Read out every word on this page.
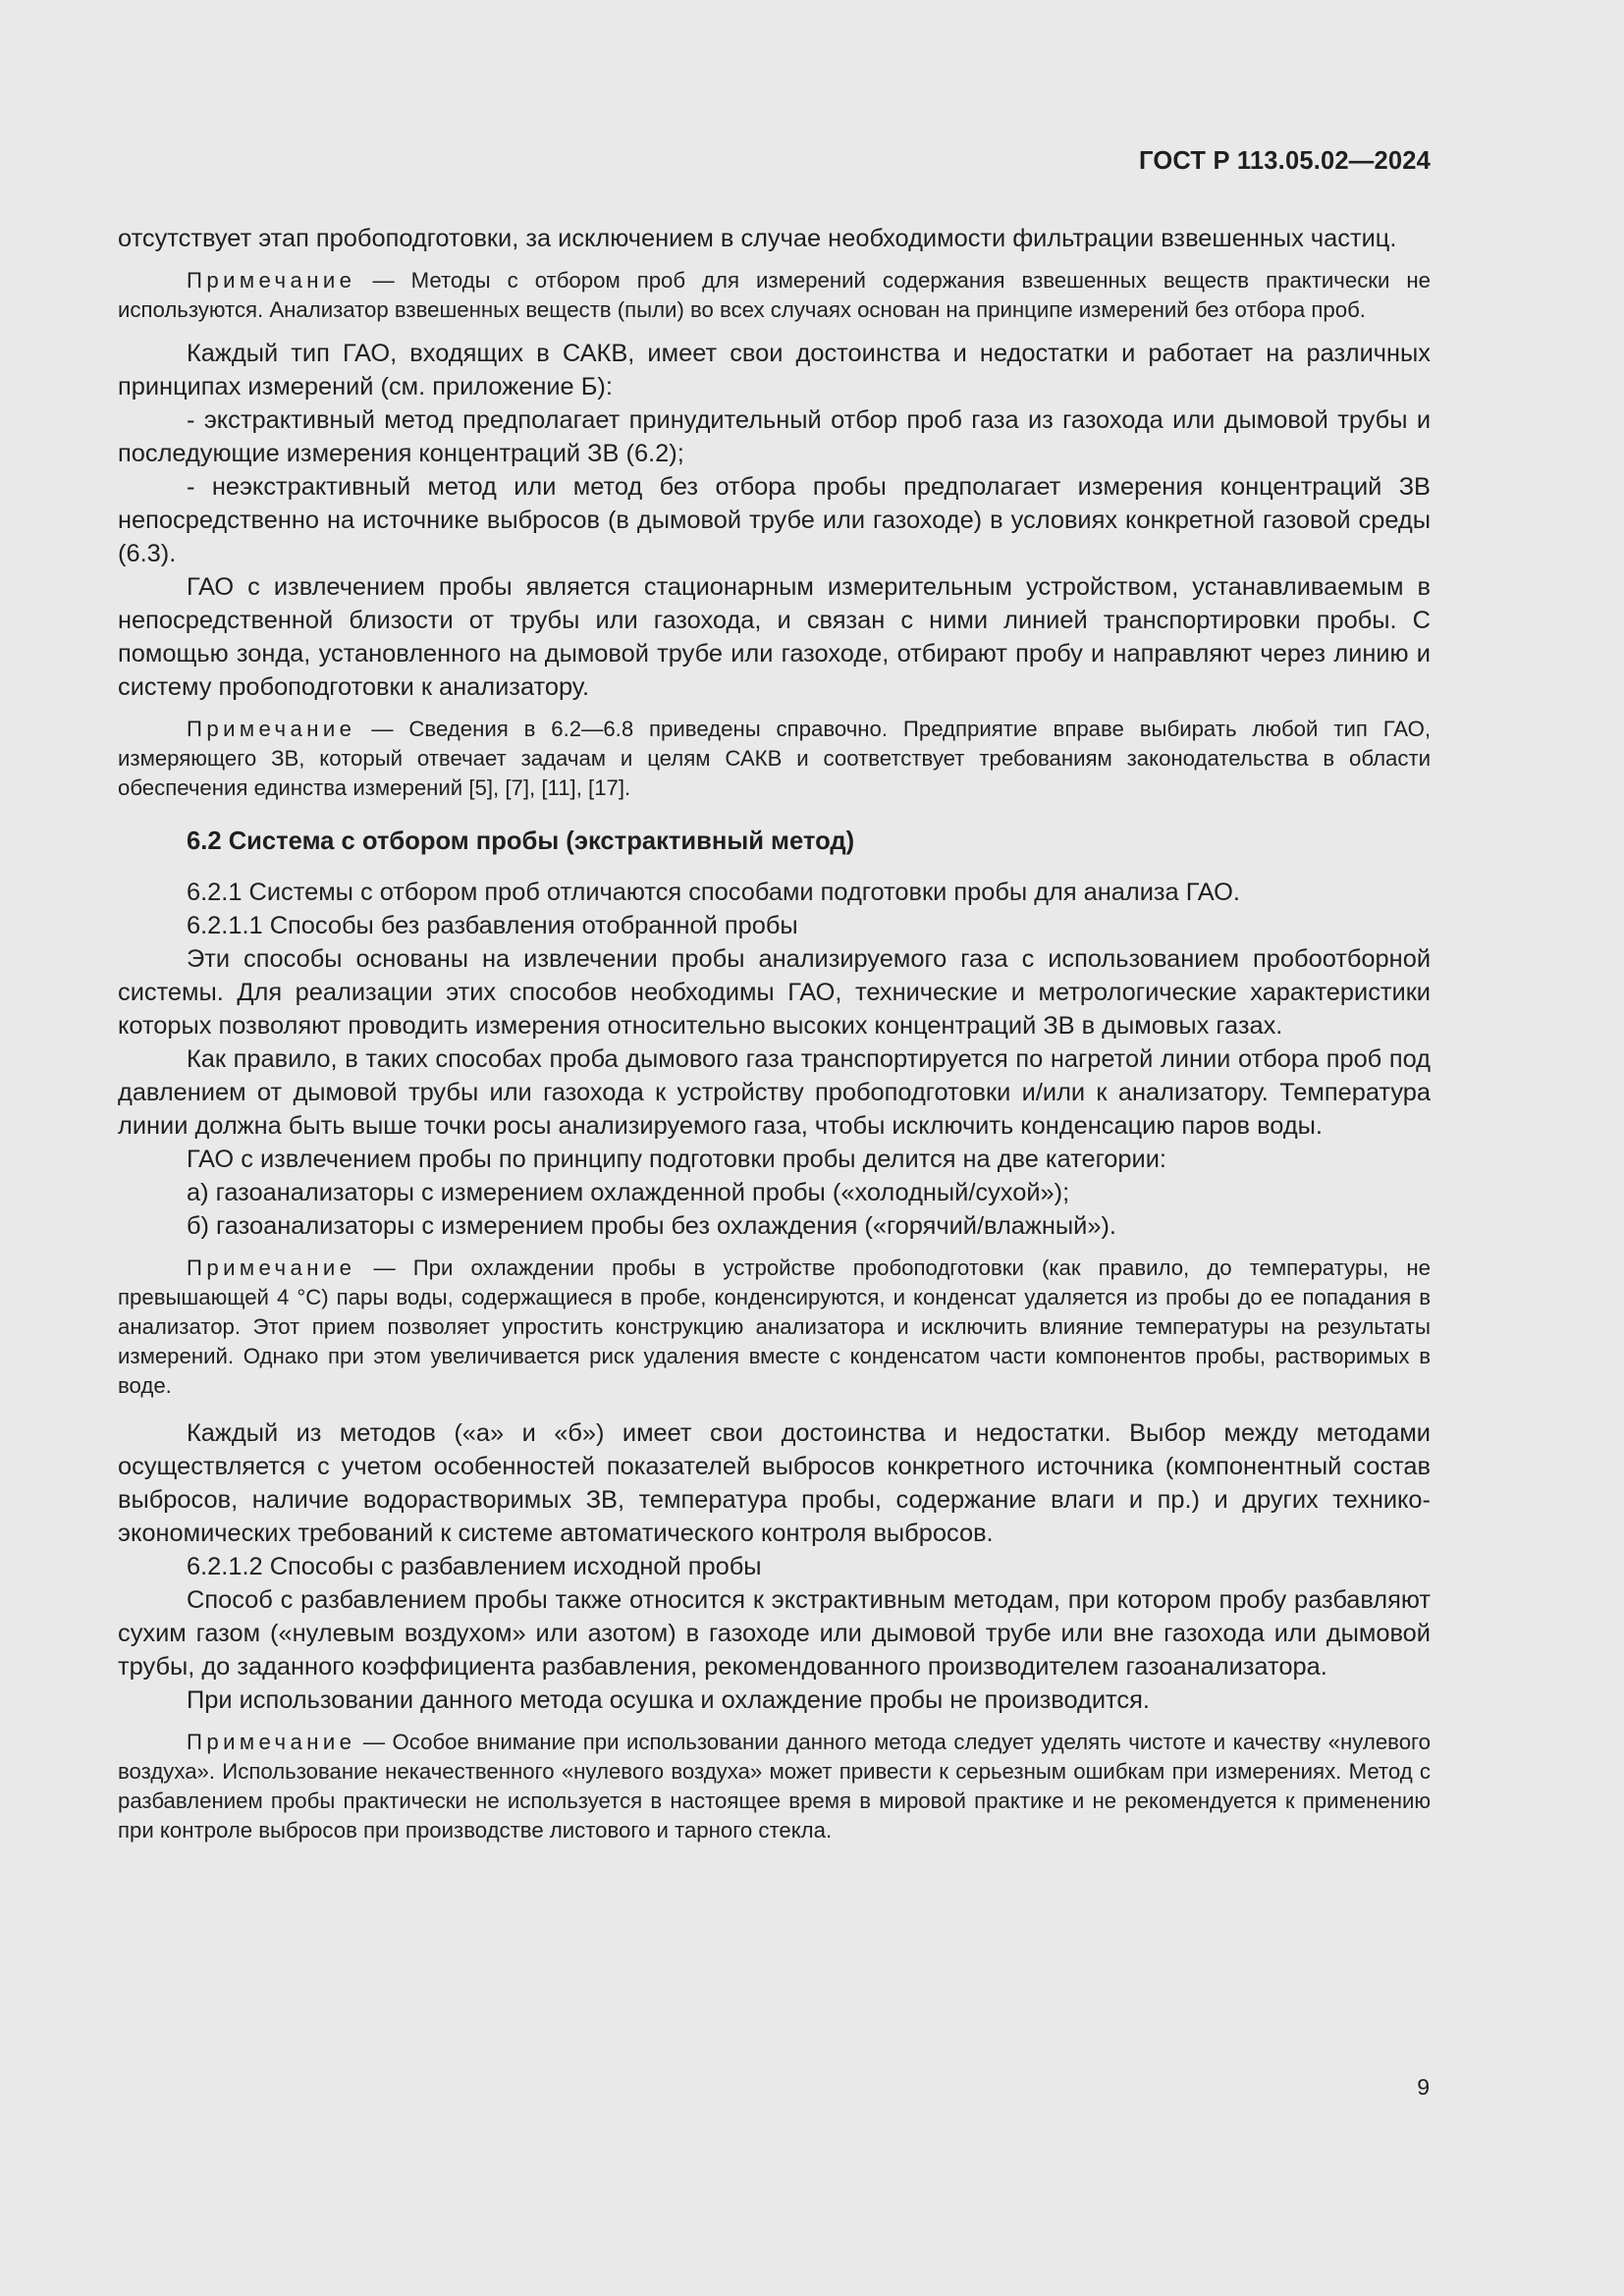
ГОСТ Р 113.05.02—2024

отсутствует этап пробоподготовки, за исключением в случае необходимости фильтрации взвешенных частиц.

Примечание — Методы с отбором проб для измерений содержания взвешенных веществ практически не используются. Анализатор взвешенных веществ (пыли) во всех случаях основан на принципе измерений без отбора проб.

Каждый тип ГАО, входящих в САКВ, имеет свои достоинства и недостатки и работает на различных принципах измерений (см. приложение Б):

- экстрактивный метод предполагает принудительный отбор проб газа из газохода или дымовой трубы и последующие измерения концентраций ЗВ (6.2);

- неэкстрактивный метод или метод без отбора пробы предполагает измерения концентраций ЗВ непосредственно на источнике выбросов (в дымовой трубе или газоходе) в условиях конкретной газовой среды (6.3).

ГАО с извлечением пробы является стационарным измерительным устройством, устанавливаемым в непосредственной близости от трубы или газохода, и связан с ними линией транспортировки пробы. С помощью зонда, установленного на дымовой трубе или газоходе, отбирают пробу и направляют через линию и систему пробоподготовки к анализатору.

Примечание — Сведения в 6.2—6.8 приведены справочно. Предприятие вправе выбирать любой тип ГАО, измеряющего ЗВ, который отвечает задачам и целям САКВ и соответствует требованиям законодательства в области обеспечения единства измерений [5], [7], [11], [17].

6.2 Система с отбором пробы (экстрактивный метод)

6.2.1 Системы с отбором проб отличаются способами подготовки пробы для анализа ГАО.

6.2.1.1 Способы без разбавления отобранной пробы

Эти способы основаны на извлечении пробы анализируемого газа с использованием пробоотборной системы. Для реализации этих способов необходимы ГАО, технические и метрологические характеристики которых позволяют проводить измерения относительно высоких концентраций ЗВ в дымовых газах.

Как правило, в таких способах проба дымового газа транспортируется по нагретой линии отбора проб под давлением от дымовой трубы или газохода к устройству пробоподготовки и/или к анализатору. Температура линии должна быть выше точки росы анализируемого газа, чтобы исключить конденсацию паров воды.

ГАО с извлечением пробы по принципу подготовки пробы делится на две категории:

а) газоанализаторы с измерением охлажденной пробы («холодный/сухой»);

б) газоанализаторы с измерением пробы без охлаждения («горячий/влажный»).

Примечание — При охлаждении пробы в устройстве пробоподготовки (как правило, до температуры, не превышающей 4 °С) пары воды, содержащиеся в пробе, конденсируются, и конденсат удаляется из пробы до ее попадания в анализатор. Этот прием позволяет упростить конструкцию анализатора и исключить влияние температуры на результаты измерений. Однако при этом увеличивается риск удаления вместе с конденсатом части компонентов пробы, растворимых в воде.

Каждый из методов («а» и «б») имеет свои достоинства и недостатки. Выбор между методами осуществляется с учетом особенностей показателей выбросов конкретного источника (компонентный состав выбросов, наличие водорастворимых ЗВ, температура пробы, содержание влаги и пр.) и других технико-экономических требований к системе автоматического контроля выбросов.

6.2.1.2 Способы с разбавлением исходной пробы

Способ с разбавлением пробы также относится к экстрактивным методам, при котором пробу разбавляют сухим газом («нулевым воздухом» или азотом) в газоходе или дымовой трубе или вне газохода или дымовой трубы, до заданного коэффициента разбавления, рекомендованного производителем газоанализатора.

При использовании данного метода осушка и охлаждение пробы не производится.

Примечание — Особое внимание при использовании данного метода следует уделять чистоте и качеству «нулевого воздуха». Использование некачественного «нулевого воздуха» может привести к серьезным ошибкам при измерениях. Метод с разбавлением пробы практически не используется в настоящее время в мировой практике и не рекомендуется к применению при контроле выбросов при производстве листового и тарного стекла.

9
